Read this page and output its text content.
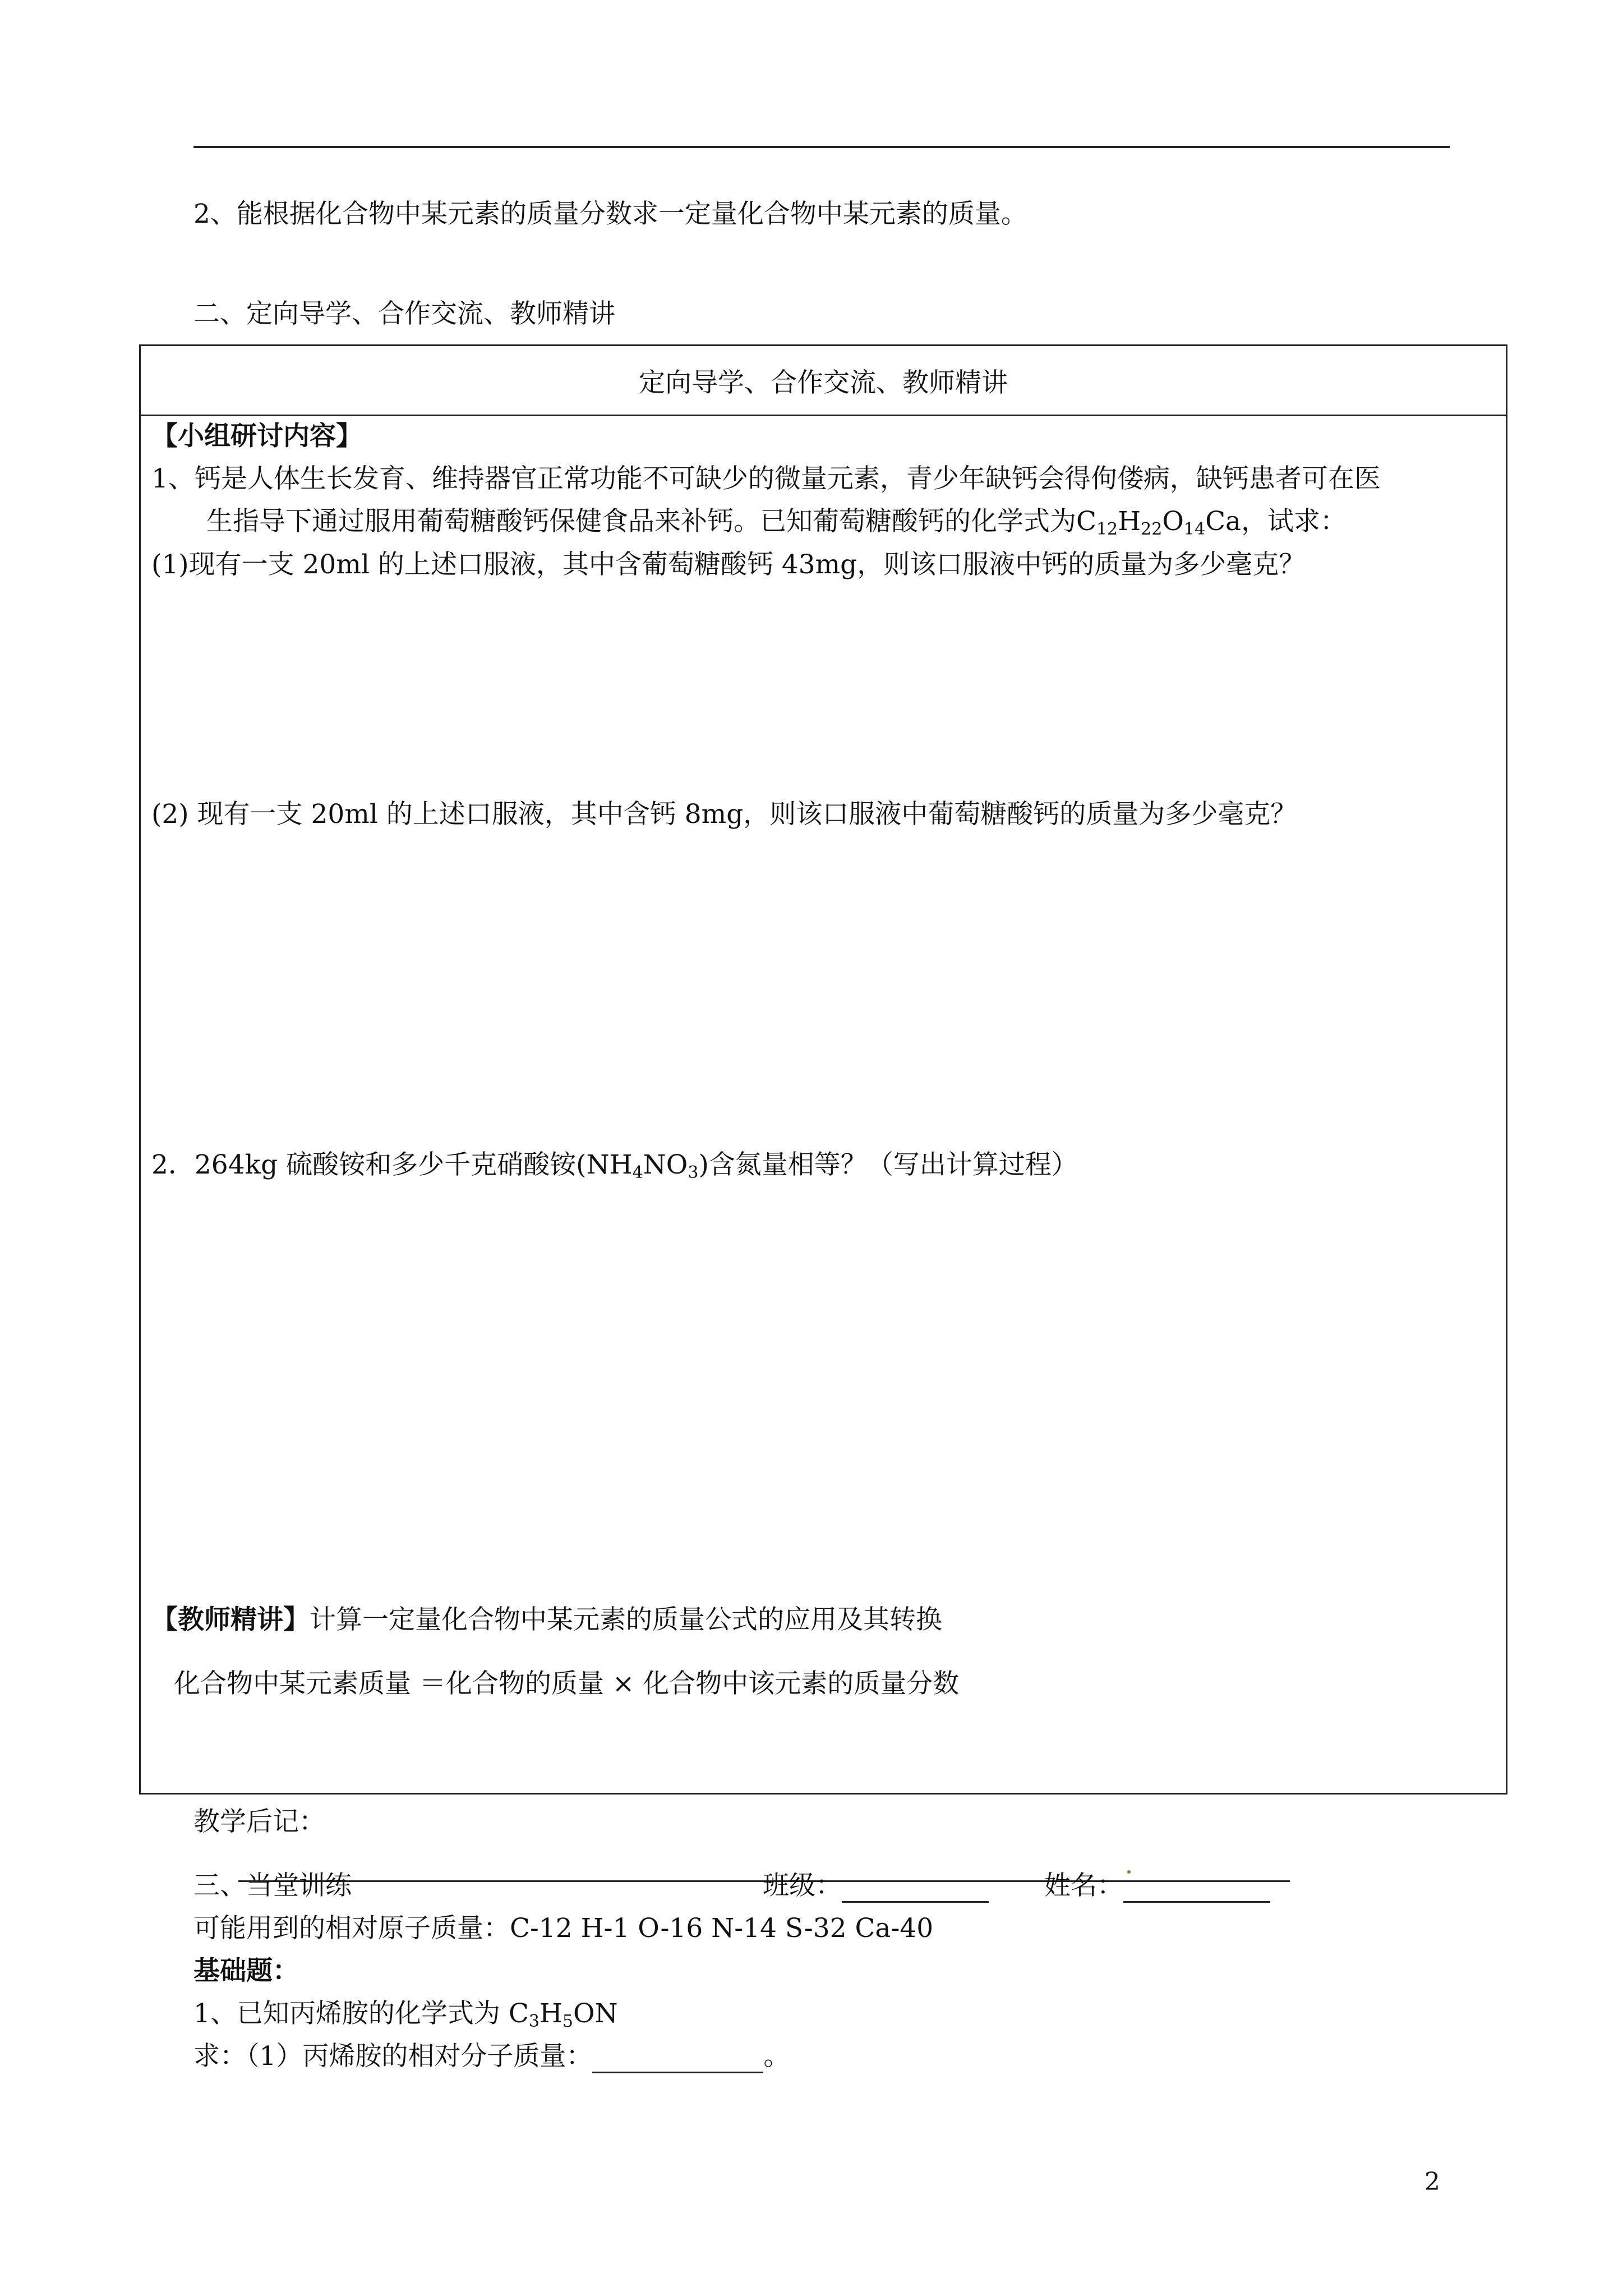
2、能根据化合物中某元素的质量分数求一定量化合物中某元素的质量。
二、定向导学、合作交流、教师精讲
定向导学、合作交流、教师精讲
【小组研讨内容】
1、钙是人体生长发育、维持器官正常功能不可缺少的微量元素，青少年缺钙会得佝偻病，缺钙患者可在医
生指导下通过服用葡萄糖酸钙保健食品来补钙。已知葡萄糖酸钙的化学式为$C_{12}H_{22}O_{14}Ca$，试求：
(1)现有一支 20ml 的上述口服液，其中含葡萄糖酸钙 43mg，则该口服液中钙的质量为多少毫克？
(2) 现有一支 20ml 的上述口服液，其中含钙 8mg，则该口服液中葡萄糖酸钙的质量为多少毫克？
2．264kg 硫酸铵和多少千克硝酸铵$(NH_4NO_3)$含氮量相等？（写出计算过程）
【教师精讲】计算一定量化合物中某元素的质量公式的应用及其转换
化合物中某元素质量 ＝化合物的质量 × 化合物中该元素的质量分数
教学后记：
三、当堂训练	班级：	姓名：
可能用到的相对原子质量：C-12 H-1 O-16 N-14 S-32 Ca-40
基础题：
1、已知丙烯胺的化学式为 $C_3H_5ON$
求：（1）丙烯胺的相对分子质量：	。
2
